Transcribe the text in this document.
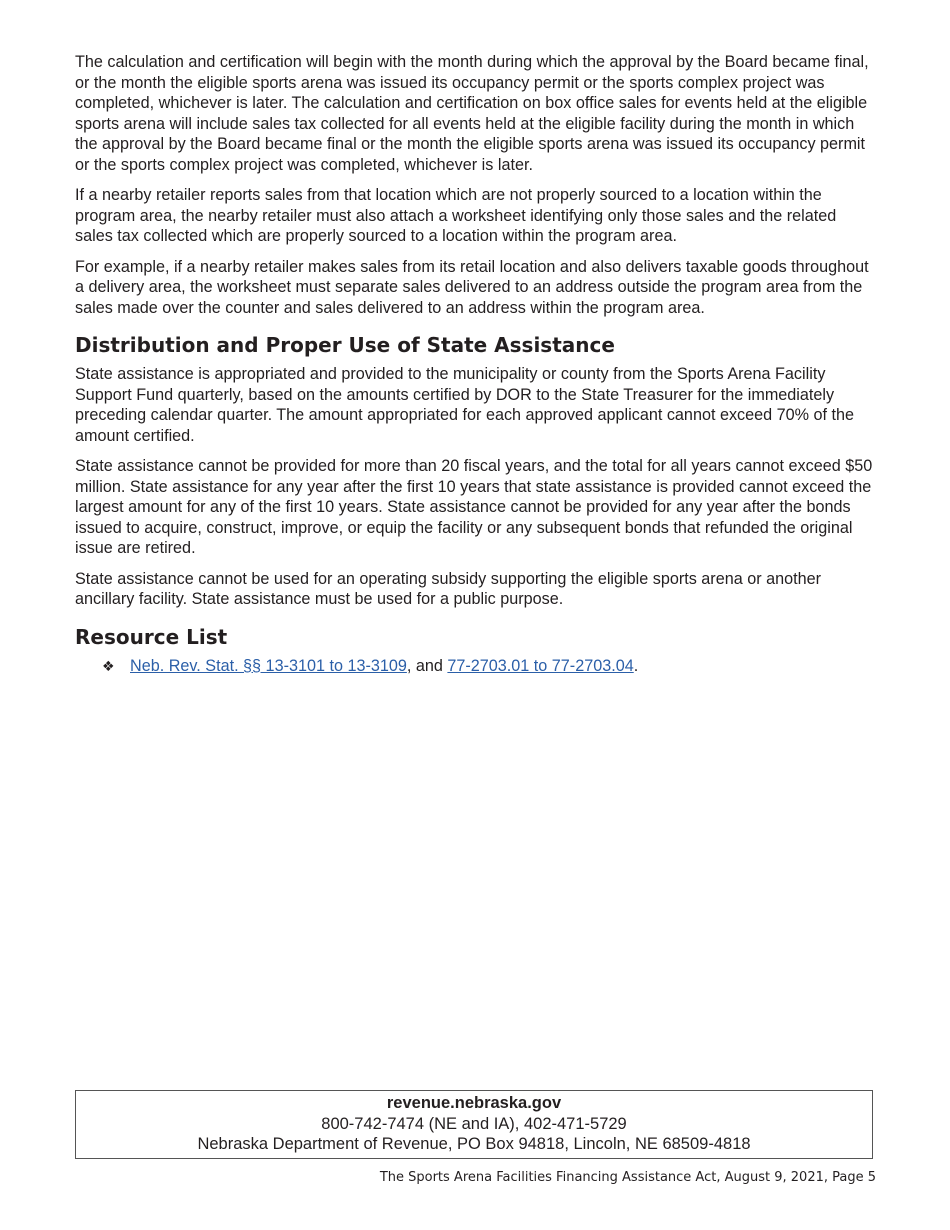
The calculation and certification will begin with the month during which the approval by the Board became final, or the month the eligible sports arena was issued its occupancy permit or the sports complex project was completed, whichever is later. The calculation and certification on box office sales for events held at the eligible sports arena will include sales tax collected for all events held at the eligible facility during the month in which the approval by the Board became final or the month the eligible sports arena was issued its occupancy permit or the sports complex project was completed, whichever is later.

If a nearby retailer reports sales from that location which are not properly sourced to a location within the program area, the nearby retailer must also attach a worksheet identifying only those sales and the related sales tax collected which are properly sourced to a location within the program area.

For example, if a nearby retailer makes sales from its retail location and also delivers taxable goods throughout a delivery area, the worksheet must separate sales delivered to an address outside the program area from the sales made over the counter and sales delivered to an address within the program area.

Distribution and Proper Use of State Assistance

State assistance is appropriated and provided to the municipality or county from the Sports Arena Facility Support Fund quarterly, based on the amounts certified by DOR to the State Treasurer for the immediately preceding calendar quarter. The amount appropriated for each approved applicant cannot exceed 70% of the amount certified.

State assistance cannot be provided for more than 20 fiscal years, and the total for all years cannot exceed $50 million. State assistance for any year after the first 10 years that state assistance is provided cannot exceed the largest amount for any of the first 10 years. State assistance cannot be provided for any year after the bonds issued to acquire, construct, improve, or equip the facility or any subsequent bonds that refunded the original issue are retired.

State assistance cannot be used for an operating subsidy supporting the eligible sports arena or another ancillary facility. State assistance must be used for a public purpose.

Resource List
❖ Neb. Rev. Stat. §§ 13-3101 to 13-3109, and 77-2703.01 to 77-2703.04.
revenue.nebraska.gov
800-742-7474 (NE and IA), 402-471-5729
Nebraska Department of Revenue, PO Box 94818, Lincoln, NE 68509-4818
The Sports Arena Facilities Financing Assistance Act, August 9, 2021, Page 5
